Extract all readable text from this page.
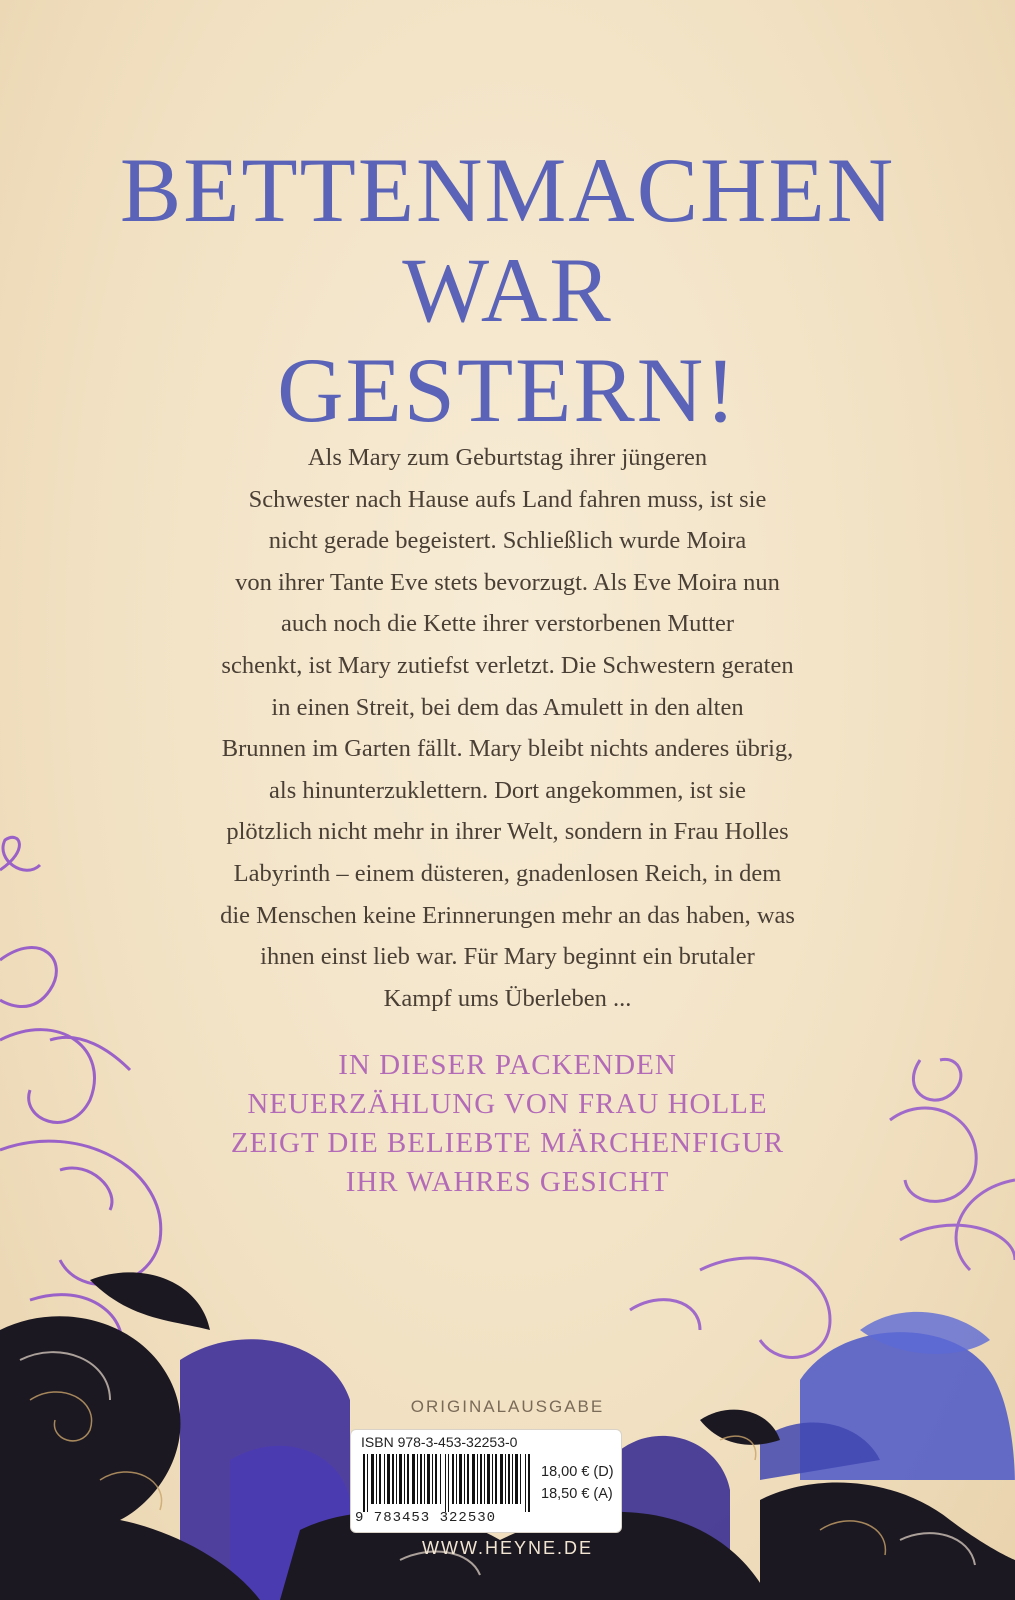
BETTENMACHEN
WAR
GESTERN!
Als Mary zum Geburtstag ihrer jüngeren
Schwester nach Hause aufs Land fahren muss, ist sie
nicht gerade begeistert. Schließlich wurde Moira
von ihrer Tante Eve stets bevorzugt. Als Eve Moira nun
auch noch die Kette ihrer verstorbenen Mutter
schenkt, ist Mary zutiefst verletzt. Die Schwestern geraten
in einen Streit, bei dem das Amulett in den alten
Brunnen im Garten fällt. Mary bleibt nichts anderes übrig,
als hinunterzuklettern. Dort angekommen, ist sie
plötzlich nicht mehr in ihrer Welt, sondern in Frau Holles
Labyrinth – einem düsteren, gnadenlosen Reich, in dem
die Menschen keine Erinnerungen mehr an das haben, was
ihnen einst lieb war. Für Mary beginnt ein brutaler
Kampf ums Überleben ...
IN DIESER PACKENDEN
NEUERZÄHLUNG VON FRAU HOLLE
ZEIGT DIE BELIEBTE MÄRCHENFIGUR
IHR WAHRES GESICHT
ORIGINALAUSGABE
ISBN 978-3-453-32253-0
9 783453 322530
18,00 € (D)
18,50 € (A)
WWW.HEYNE.DE
